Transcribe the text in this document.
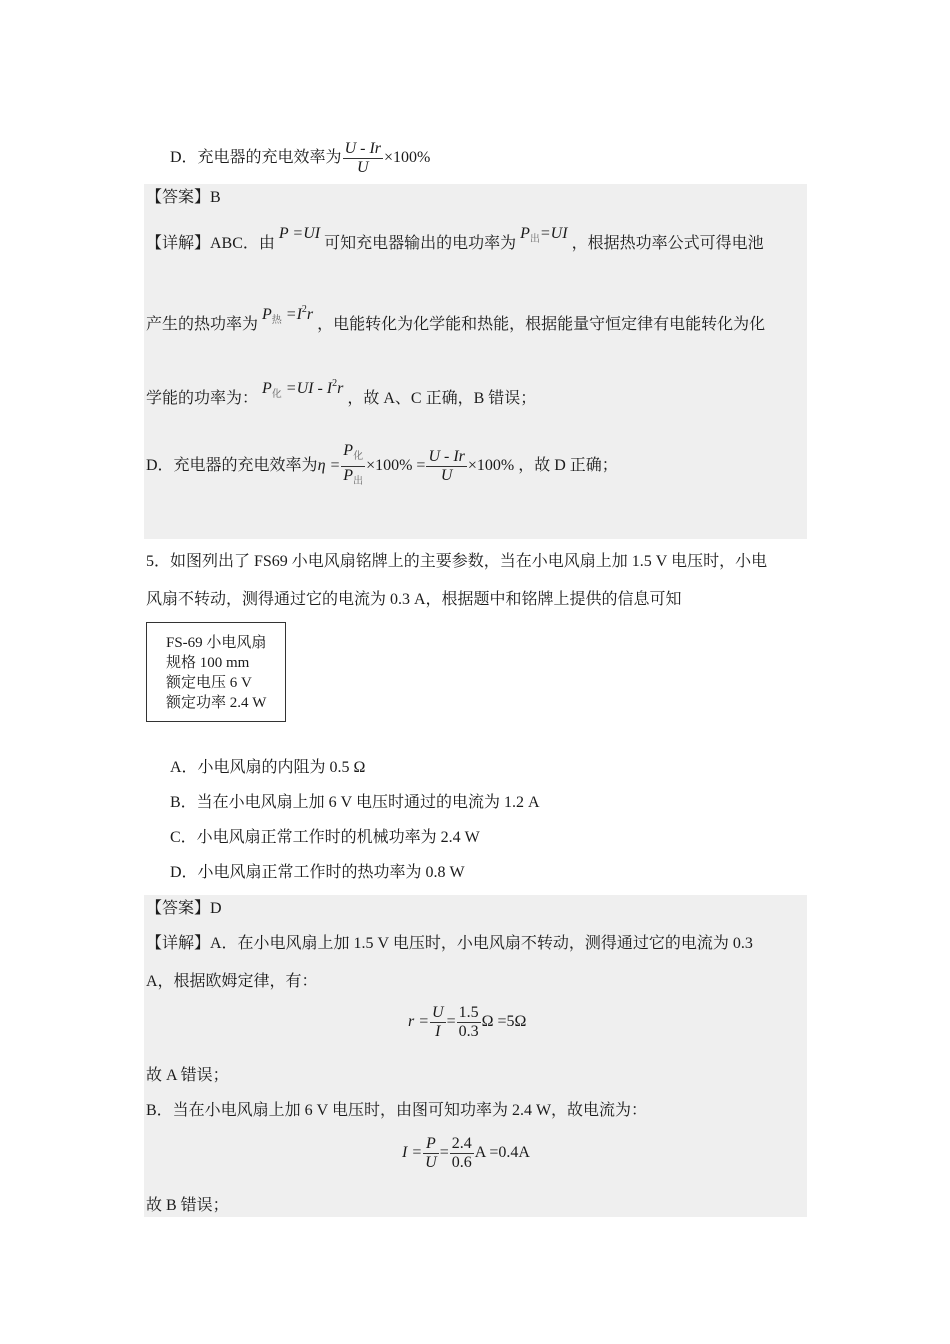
D．充电器的充电效率为 $\frac{U - Ir}{U} \times 100\%$
【答案】B
【详解】ABC．由 P =UI 可知充电器输出的电功率为 $P_出=UI$ ，根据热功率公式可得电池
产生的热功率为 $P_热 =I^2r$ ，电能转化为化学能和热能，根据能量守恒定律有电能转化为化
学能的功率为： $P_化 =UI - I^2r$ ，故 A、C 正确，B 错误；
D．充电器的充电效率为$\eta = \frac{P_化}{P_出} \times 100\% = \frac{U - Ir}{U} \times 100\%$ ，故 D 正确；
5．如图列出了 FS69 小电风扇铭牌上的主要参数，当在小电风扇上加 1.5 V 电压时，小电
风扇不转动，测得通过它的电流为 0.3 A，根据题中和铭牌上提供的信息可知
FS-69 小电风扇
规格 100 mm
额定电压 6 V
额定功率 2.4 W
A．小电风扇的内阻为 0.5 Ω
B．当在小电风扇上加 6 V 电压时通过的电流为 1.2 A
C．小电风扇正常工作时的机械功率为 2.4 W
D．小电风扇正常工作时的热功率为 0.8 W
【答案】D
【详解】A．在小电风扇上加 1.5 V 电压时，小电风扇不转动，测得通过它的电流为 0.3
A，根据欧姆定律，有：
$r = \frac{U}{I} = \frac{1.5}{0.3}$ Ω =5Ω
故 A 错误；
B．当在小电风扇上加 6 V 电压时，由图可知功率为 2.4 W，故电流为：
$I = \frac{P}{U} = \frac{2.4}{0.6}$ A =0.4A
故 B 错误；
